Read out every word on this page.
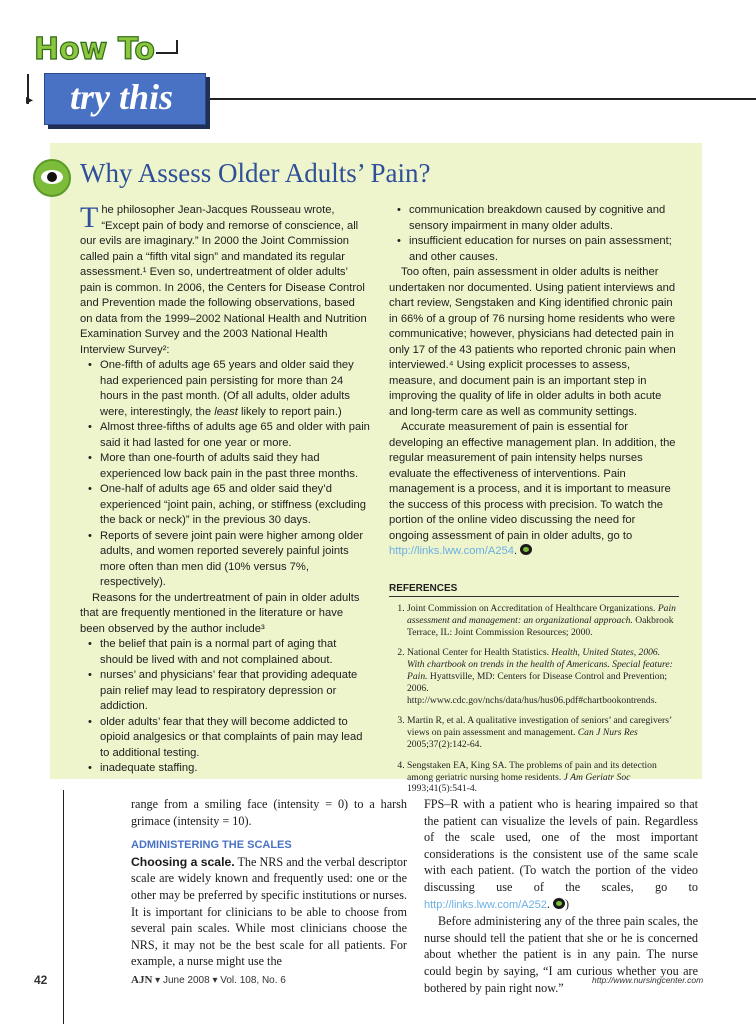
How To
▸ try this
Why Assess Older Adults’ Pain?

The philosopher Jean-Jacques Rousseau wrote, “Except pain of body and remorse of conscience, all our evils are imaginary.” In 2000 the Joint Commission called pain a “fifth vital sign” and mandated its regular assessment.¹ Even so, undertreatment of older adults’ pain is common. In 2006, the Centers for Disease Control and Prevention made the following observations, based on data from the 1999–2002 National Health and Nutrition Examination Survey and the 2003 National Health Interview Survey²:

• One-fifth of adults age 65 years and older said they had experienced pain persisting for more than 24 hours in the past month. (Of all adults, older adults were, interestingly, the least likely to report pain.)
• Almost three-fifths of adults age 65 and older with pain said it had lasted for one year or more.
• More than one-fourth of adults said they had experienced low back pain in the past three months.
• One-half of adults age 65 and older said they’d experienced “joint pain, aching, or stiffness (excluding the back or neck)” in the previous 30 days.
• Reports of severe joint pain were higher among older adults, and women reported severely painful joints more often than men did (10% versus 7%, respectively).

Reasons for the undertreatment of pain in older adults that are frequently mentioned in the literature or have been observed by the author include³

• the belief that pain is a normal part of aging that should be lived with and not complained about.
• nurses’ and physicians’ fear that providing adequate pain relief may lead to respiratory depression or addiction.
• older adults’ fear that they will become addicted to opioid analgesics or that complaints of pain may lead to additional testing.
• inadequate staffing.
• communication breakdown caused by cognitive and sensory impairment in many older adults.
• insufficient education for nurses on pain assessment; and other causes.

Too often, pain assessment in older adults is neither undertaken nor documented. Using patient interviews and chart review, Sengstaken and King identified chronic pain in 66% of a group of 76 nursing home residents who were communicative; however, physicians had detected pain in only 17 of the 43 patients who reported chronic pain when interviewed.⁴ Using explicit processes to assess, measure, and document pain is an important step in improving the quality of life in older adults in both acute and long-term care as well as community settings.

Accurate measurement of pain is essential for developing an effective management plan. In addition, the regular measurement of pain intensity helps nurses evaluate the effectiveness of interventions. Pain management is a process, and it is important to measure the success of this process with precision. To watch the portion of the online video discussing the need for ongoing assessment of pain in older adults, go to http://links.lww.com/A254.

REFERENCES
1. Joint Commission on Accreditation of Healthcare Organizations. Pain assessment and management: an organizational approach. Oakbrook Terrace, IL: Joint Commission Resources; 2000.
2. National Center for Health Statistics. Health, United States, 2006. With chartbook on trends in the health of Americans. Special feature: Pain. Hyattsville, MD: Centers for Disease Control and Prevention; 2006. http://www.cdc.gov/nchs/data/hus/hus06.pdf#chartbookontrends.
3. Martin R, et al. A qualitative investigation of seniors’ and caregivers’ views on pain assessment and management. Can J Nurs Res 2005;37(2):142-64.
4. Sengstaken EA, King SA. The problems of pain and its detection among geriatric nursing home residents. J Am Geriatr Soc 1993;41(5):541-4.

range from a smiling face (intensity = 0) to a harsh grimace (intensity = 10).

ADMINISTERING THE SCALES

Choosing a scale. The NRS and the verbal descriptor scale are widely known and frequently used: one or the other may be preferred by specific institutions or nurses. It is important for clinicians to be able to choose from several pain scales. While most clinicians choose the NRS, it may not be the best scale for all patients. For example, a nurse might use the

FPS–R with a patient who is hearing impaired so that the patient can visualize the levels of pain. Regardless of the scale used, one of the most important considerations is the consistent use of the same scale with each patient. (To watch the portion of the video discussing use of the scales, go to http://links.lww.com/A252. )

Before administering any of the three pain scales, the nurse should tell the patient that she or he is concerned about whether the patient is in any pain. The nurse could begin by saying, “I am curious whether you are bothered by pain right now.”

42	AJN ▾ June 2008 ▾ Vol. 108, No. 6	http://www.nursingcenter.com
